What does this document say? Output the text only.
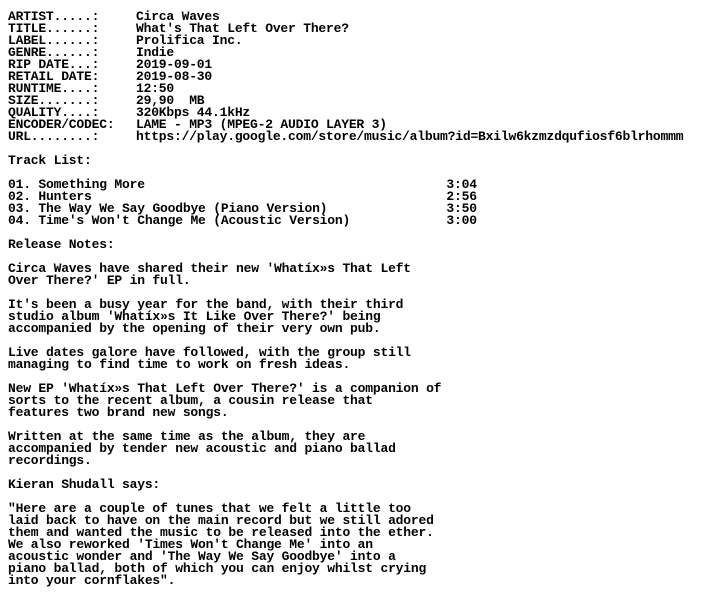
ARTIST.....:	Circa Waves
TITLE......:	What's That Left Over There?
LABEL......:	Prolifica Inc.
GENRE......:	Indie
RIP DATE...:	2019-09-01
RETAIL DATE:	2019-08-30
RUNTIME....:	12:50
SIZE.......:	29,90  MB
QUALITY....:	320Kbps 44.1kHz
ENCODER/CODEC:	LAME - MP3 (MPEG-2 AUDIO LAYER 3)
URL........:	https://play.google.com/store/music/album?id=Bxilw6kzmzdqufiosf6blrhommm
Track List:
01.
Something More	3:04
02.
Hunters	2:56
03.
The Way We Say Goodbye (Piano Version)	3:50
04.
Time's Won't Change Me (Acoustic Version)	3:00
Release Notes:
Circa Waves have shared their new 'Whatíx»s That Left
Over There?' EP in full.
It's been a busy year for the band, with their third
studio album 'Whatíx»s It Like Over There?' being
accompanied by the opening of their very own pub.
Live dates galore have followed, with the group still
managing to find time to work on fresh ideas.
New EP 'Whatíx»s That Left Over There?' is a companion of
sorts to the recent album, a cousin release that
features two brand new songs.
Written at the same time as the album, they are
accompanied by tender new acoustic and piano ballad
recordings.
Kieran Shudall says:
"Here are a couple of tunes that we felt a little too
laid back to have on the main record but we still adored
them and wanted the music to be released into the ether.
We also reworked 'Times Won't Change Me' into an
acoustic wonder and 'The Way We Say Goodbye' into a
piano ballad, both of which you can enjoy whilst crying
into your cornflakes".
